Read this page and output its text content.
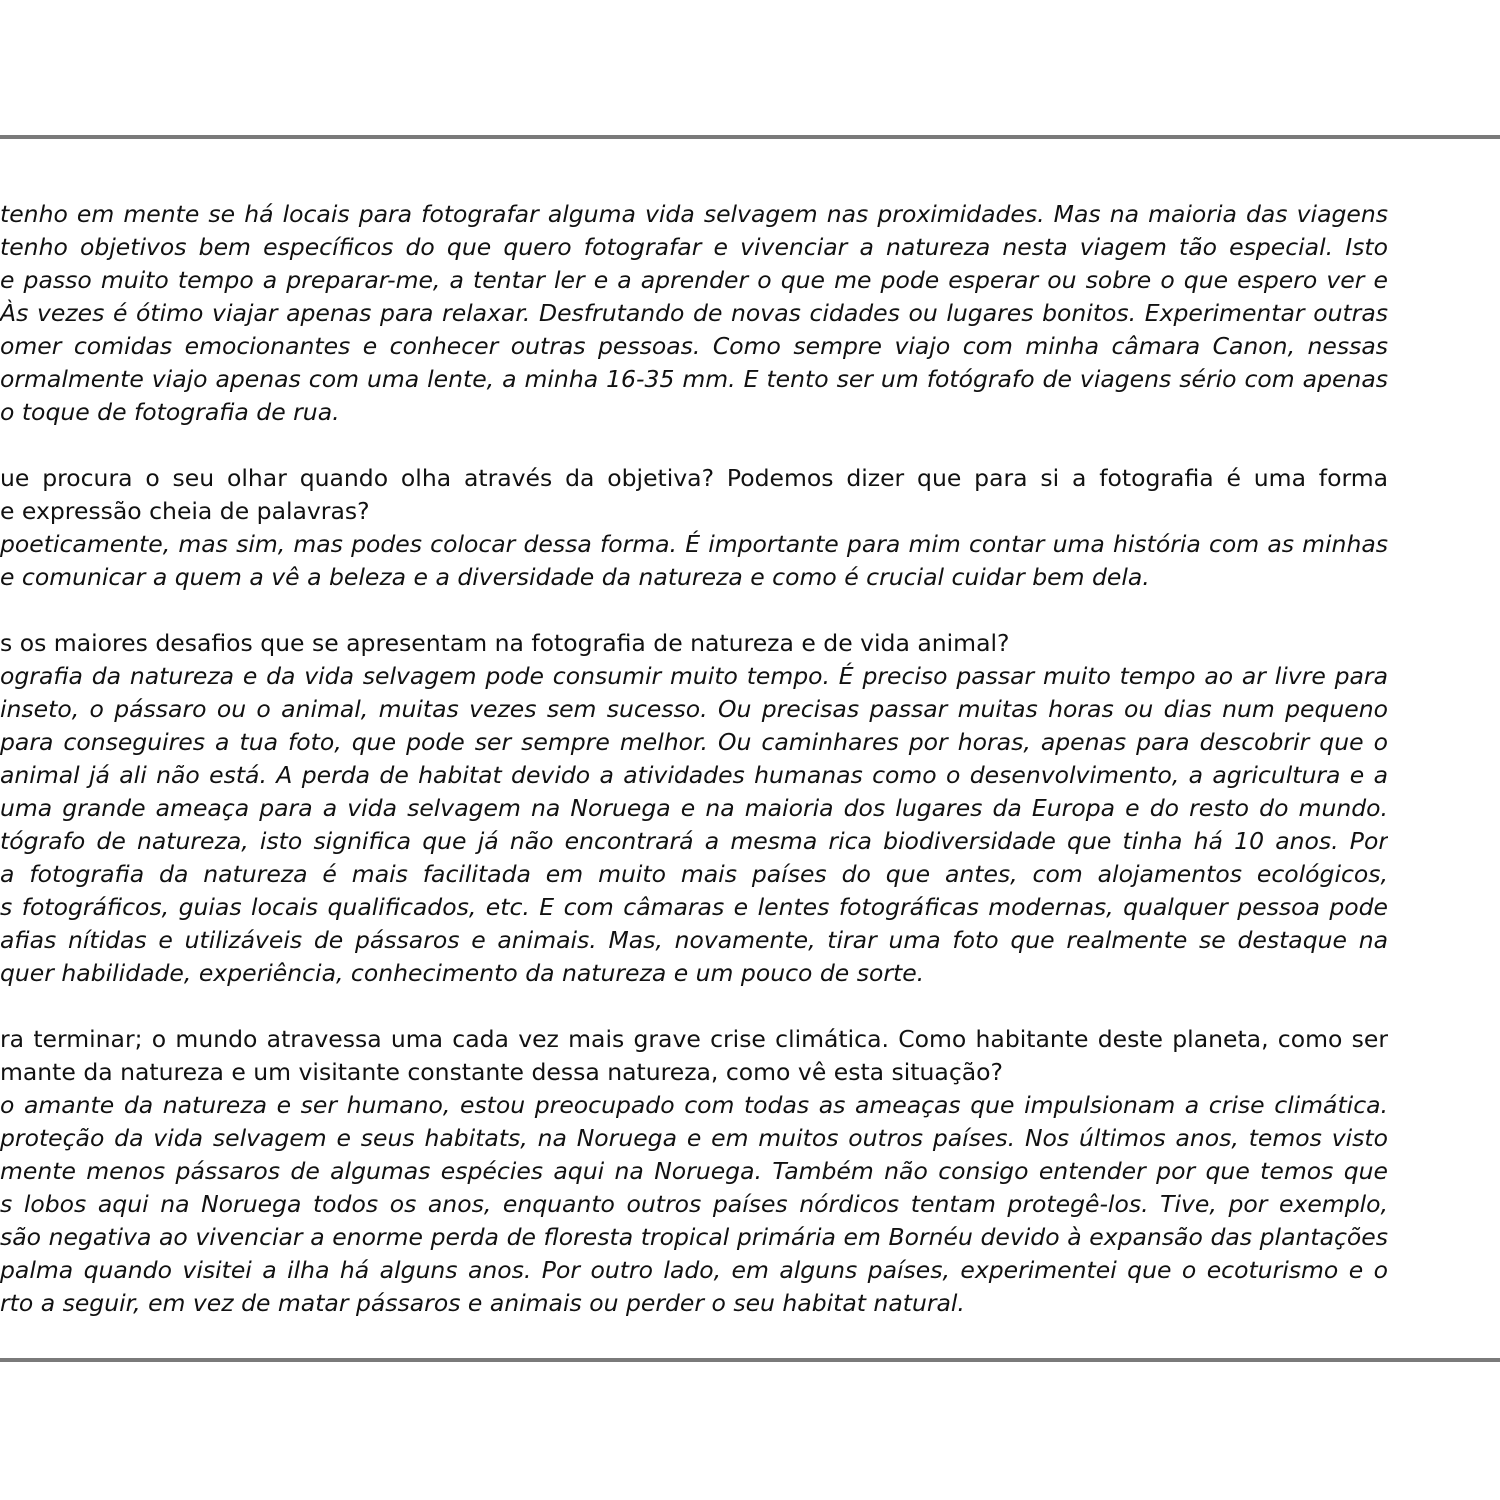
tenho em mente se há locais para fotografar alguma vida selvagem nas proximidades. Mas na maioria das viagens
tenho objetivos bem específicos do que quero fotografar e vivenciar a natureza nesta viagem tão especial. Isto
e passo muito tempo a preparar-me, a tentar ler e a aprender o que me pode esperar ou sobre o que espero ver e
Às vezes é ótimo viajar apenas para relaxar. Desfrutando de novas cidades ou lugares bonitos. Experimentar outras
omer comidas emocionantes e conhecer outras pessoas. Como sempre viajo com minha câmara Canon, nessas
ormalmente viajo apenas com uma lente, a minha 16-35 mm. E tento ser um fotógrafo de viagens sério com apenas
o toque de fotografia de rua.
ue procura o seu olhar quando olha através da objetiva? Podemos dizer que para si a fotografia é uma forma
e expressão cheia de palavras?
poeticamente, mas sim, mas podes colocar dessa forma. É importante para mim contar uma história com as minhas
e comunicar a quem a vê a beleza e a diversidade da natureza e como é crucial cuidar bem dela.
s os maiores desafios que se apresentam na fotografia de natureza e de vida animal?
ografia da natureza e da vida selvagem pode consumir muito tempo. É preciso passar muito tempo ao ar livre para
inseto, o pássaro ou o animal, muitas vezes sem sucesso. Ou precisas passar muitas horas ou dias num pequeno
para conseguires a tua foto, que pode ser sempre melhor. Ou caminhares por horas, apenas para descobrir que o
animal já ali não está. A perda de habitat devido a atividades humanas como o desenvolvimento, a agricultura e a
uma grande ameaça para a vida selvagem na Noruega e na maioria dos lugares da Europa e do resto do mundo.
tógrafo de natureza, isto significa que já não encontrará a mesma rica biodiversidade que tinha há 10 anos. Por
a fotografia da natureza é mais facilitada em muito mais países do que antes, com alojamentos ecológicos,
s fotográficos, guias locais qualificados, etc. E com câmaras e lentes fotográficas modernas, qualquer pessoa pode
afias nítidas e utilizáveis de pássaros e animais. Mas, novamente, tirar uma foto que realmente se destaque na
quer habilidade, experiência, conhecimento da natureza e um pouco de sorte.
ra terminar; o mundo atravessa uma cada vez mais grave crise climática. Como habitante deste planeta, como ser
mante da natureza e um visitante constante dessa natureza, como vê esta situação?
o amante da natureza e ser humano, estou preocupado com todas as ameaças que impulsionam a crise climática.
proteção da vida selvagem e seus habitats, na Noruega e em muitos outros países. Nos últimos anos, temos visto
mente menos pássaros de algumas espécies aqui na Noruega. Também não consigo entender por que temos que
s lobos aqui na Noruega todos os anos, enquanto outros países nórdicos tentam protegê-los. Tive, por exemplo,
são negativa ao vivenciar a enorme perda de floresta tropical primária em Bornéu devido à expansão das plantações
palma quando visitei a ilha há alguns anos. Por outro lado, em alguns países, experimentei que o ecoturismo e o
rto a seguir, em vez de matar pássaros e animais ou perder o seu habitat natural.
